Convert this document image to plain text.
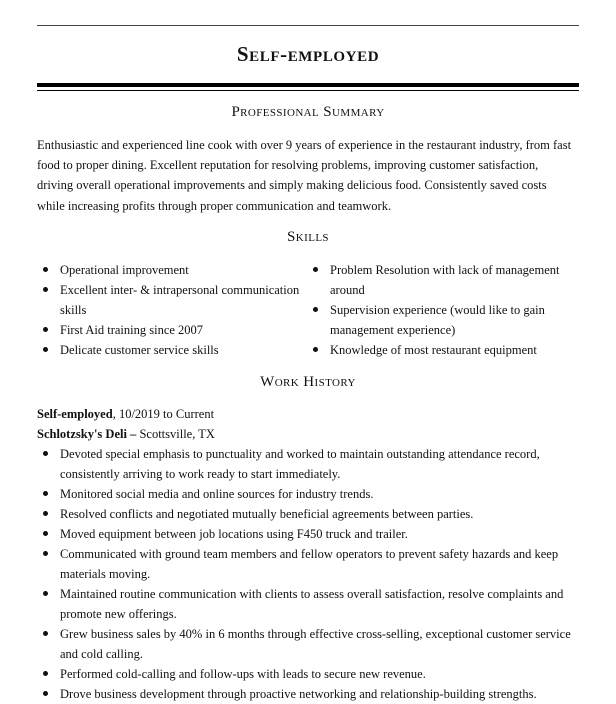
Self-employed
Professional Summary
Enthusiastic and experienced line cook with over 9 years of experience in the restaurant industry, from fast food to proper dining. Excellent reputation for resolving problems, improving customer satisfaction, driving overall operational improvements and simply making delicious food. Consistently saved costs while increasing profits through proper communication and teamwork.
Skills
Operational improvement
Excellent inter- & intrapersonal communication skills
First Aid training since 2007
Delicate customer service skills
Problem Resolution with lack of management around
Supervision experience (would like to gain management experience)
Knowledge of most restaurant equipment
Work History
Self-employed, 10/2019 to Current
Schlotzsky's Deli – Scottsville, TX
Devoted special emphasis to punctuality and worked to maintain outstanding attendance record, consistently arriving to work ready to start immediately.
Monitored social media and online sources for industry trends.
Resolved conflicts and negotiated mutually beneficial agreements between parties.
Moved equipment between job locations using F450 truck and trailer.
Communicated with ground team members and fellow operators to prevent safety hazards and keep materials moving.
Maintained routine communication with clients to assess overall satisfaction, resolve complaints and promote new offerings.
Grew business sales by 40% in 6 months through effective cross-selling, exceptional customer service and cold calling.
Performed cold-calling and follow-ups with leads to secure new revenue.
Drove business development through proactive networking and relationship-building strengths.
